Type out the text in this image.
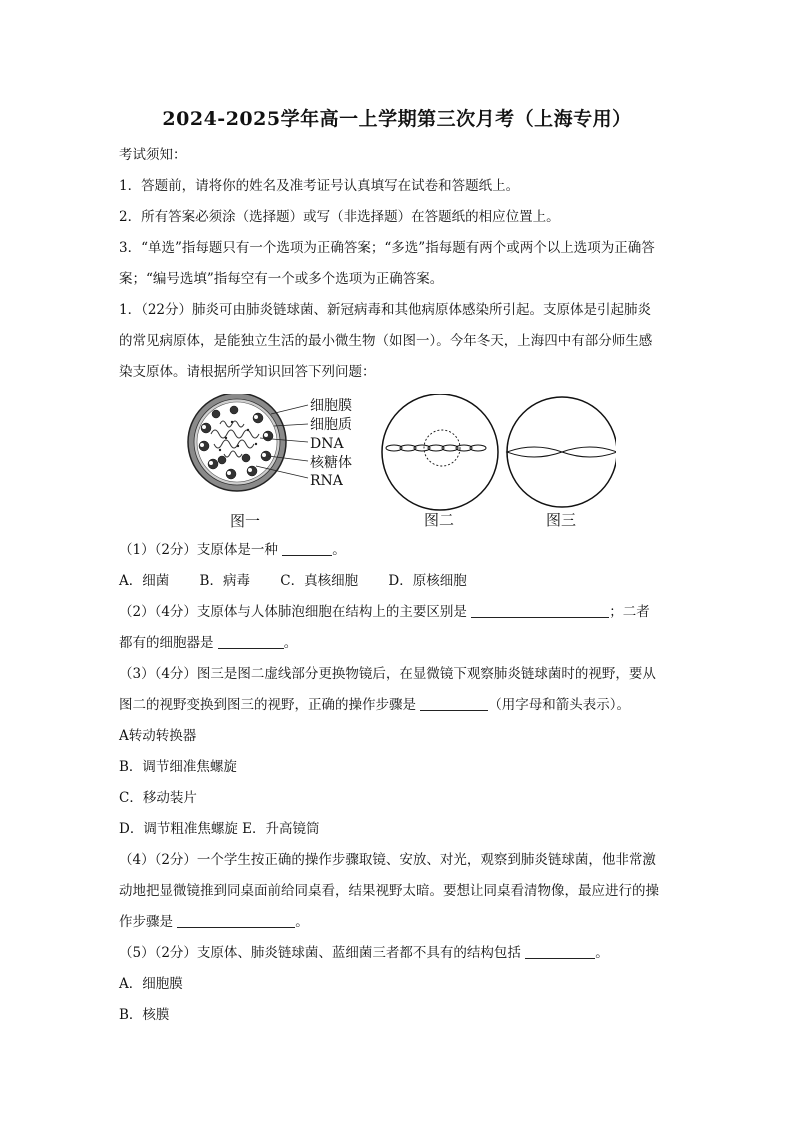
2024-2025学年高一上学期第三次月考（上海专用）
考试须知：
1．答题前，请将你的姓名及准考证号认真填写在试卷和答题纸上。
2．所有答案必须涂（选择题）或写（非选择题）在答题纸的相应位置上。
3．“单选”指每题只有一个选项为正确答案；“多选”指每题有两个或两个以上选项为正确答
案；“编号选填”指每空有一个或多个选项为正确答案。
1．（22分）肺炎可由肺炎链球菌、新冠病毒和其他病原体感染所引起。支原体是引起肺炎
的常见病原体，是能独立生活的最小微生物（如图一）。今年冬天，上海四中有部分师生感
染支原体。请根据所学知识回答下列问题：
细胞膜
细胞质
DNA
核糖体
RNA
图一	图二	图三
（1）（2分）支原体是一种	。
A．细菌 B．病毒 C．真核细胞 D．原核细胞
（2）（4分）支原体与人体肺泡细胞在结构上的主要区别是	；二者
都有的细胞器是	。
（3）（4分）图三是图二虚线部分更换物镜后，在显微镜下观察肺炎链球菌时的视野，要从
图二的视野变换到图三的视野，正确的操作步骤是	（用字母和箭头表示）。
A转动转换器
B．调节细准焦螺旋
C．移动装片
D．调节粗准焦螺旋 E．升高镜筒
（4）（2分）一个学生按正确的操作步骤取镜、安放、对光，观察到肺炎链球菌，他非常激
动地把显微镜推到同桌面前给同桌看，结果视野太暗。要想让同桌看清物像，最应进行的操
作步骤是	。
（5）（2分）支原体、肺炎链球菌、蓝细菌三者都不具有的结构包括	。
A．细胞膜
B．核膜
